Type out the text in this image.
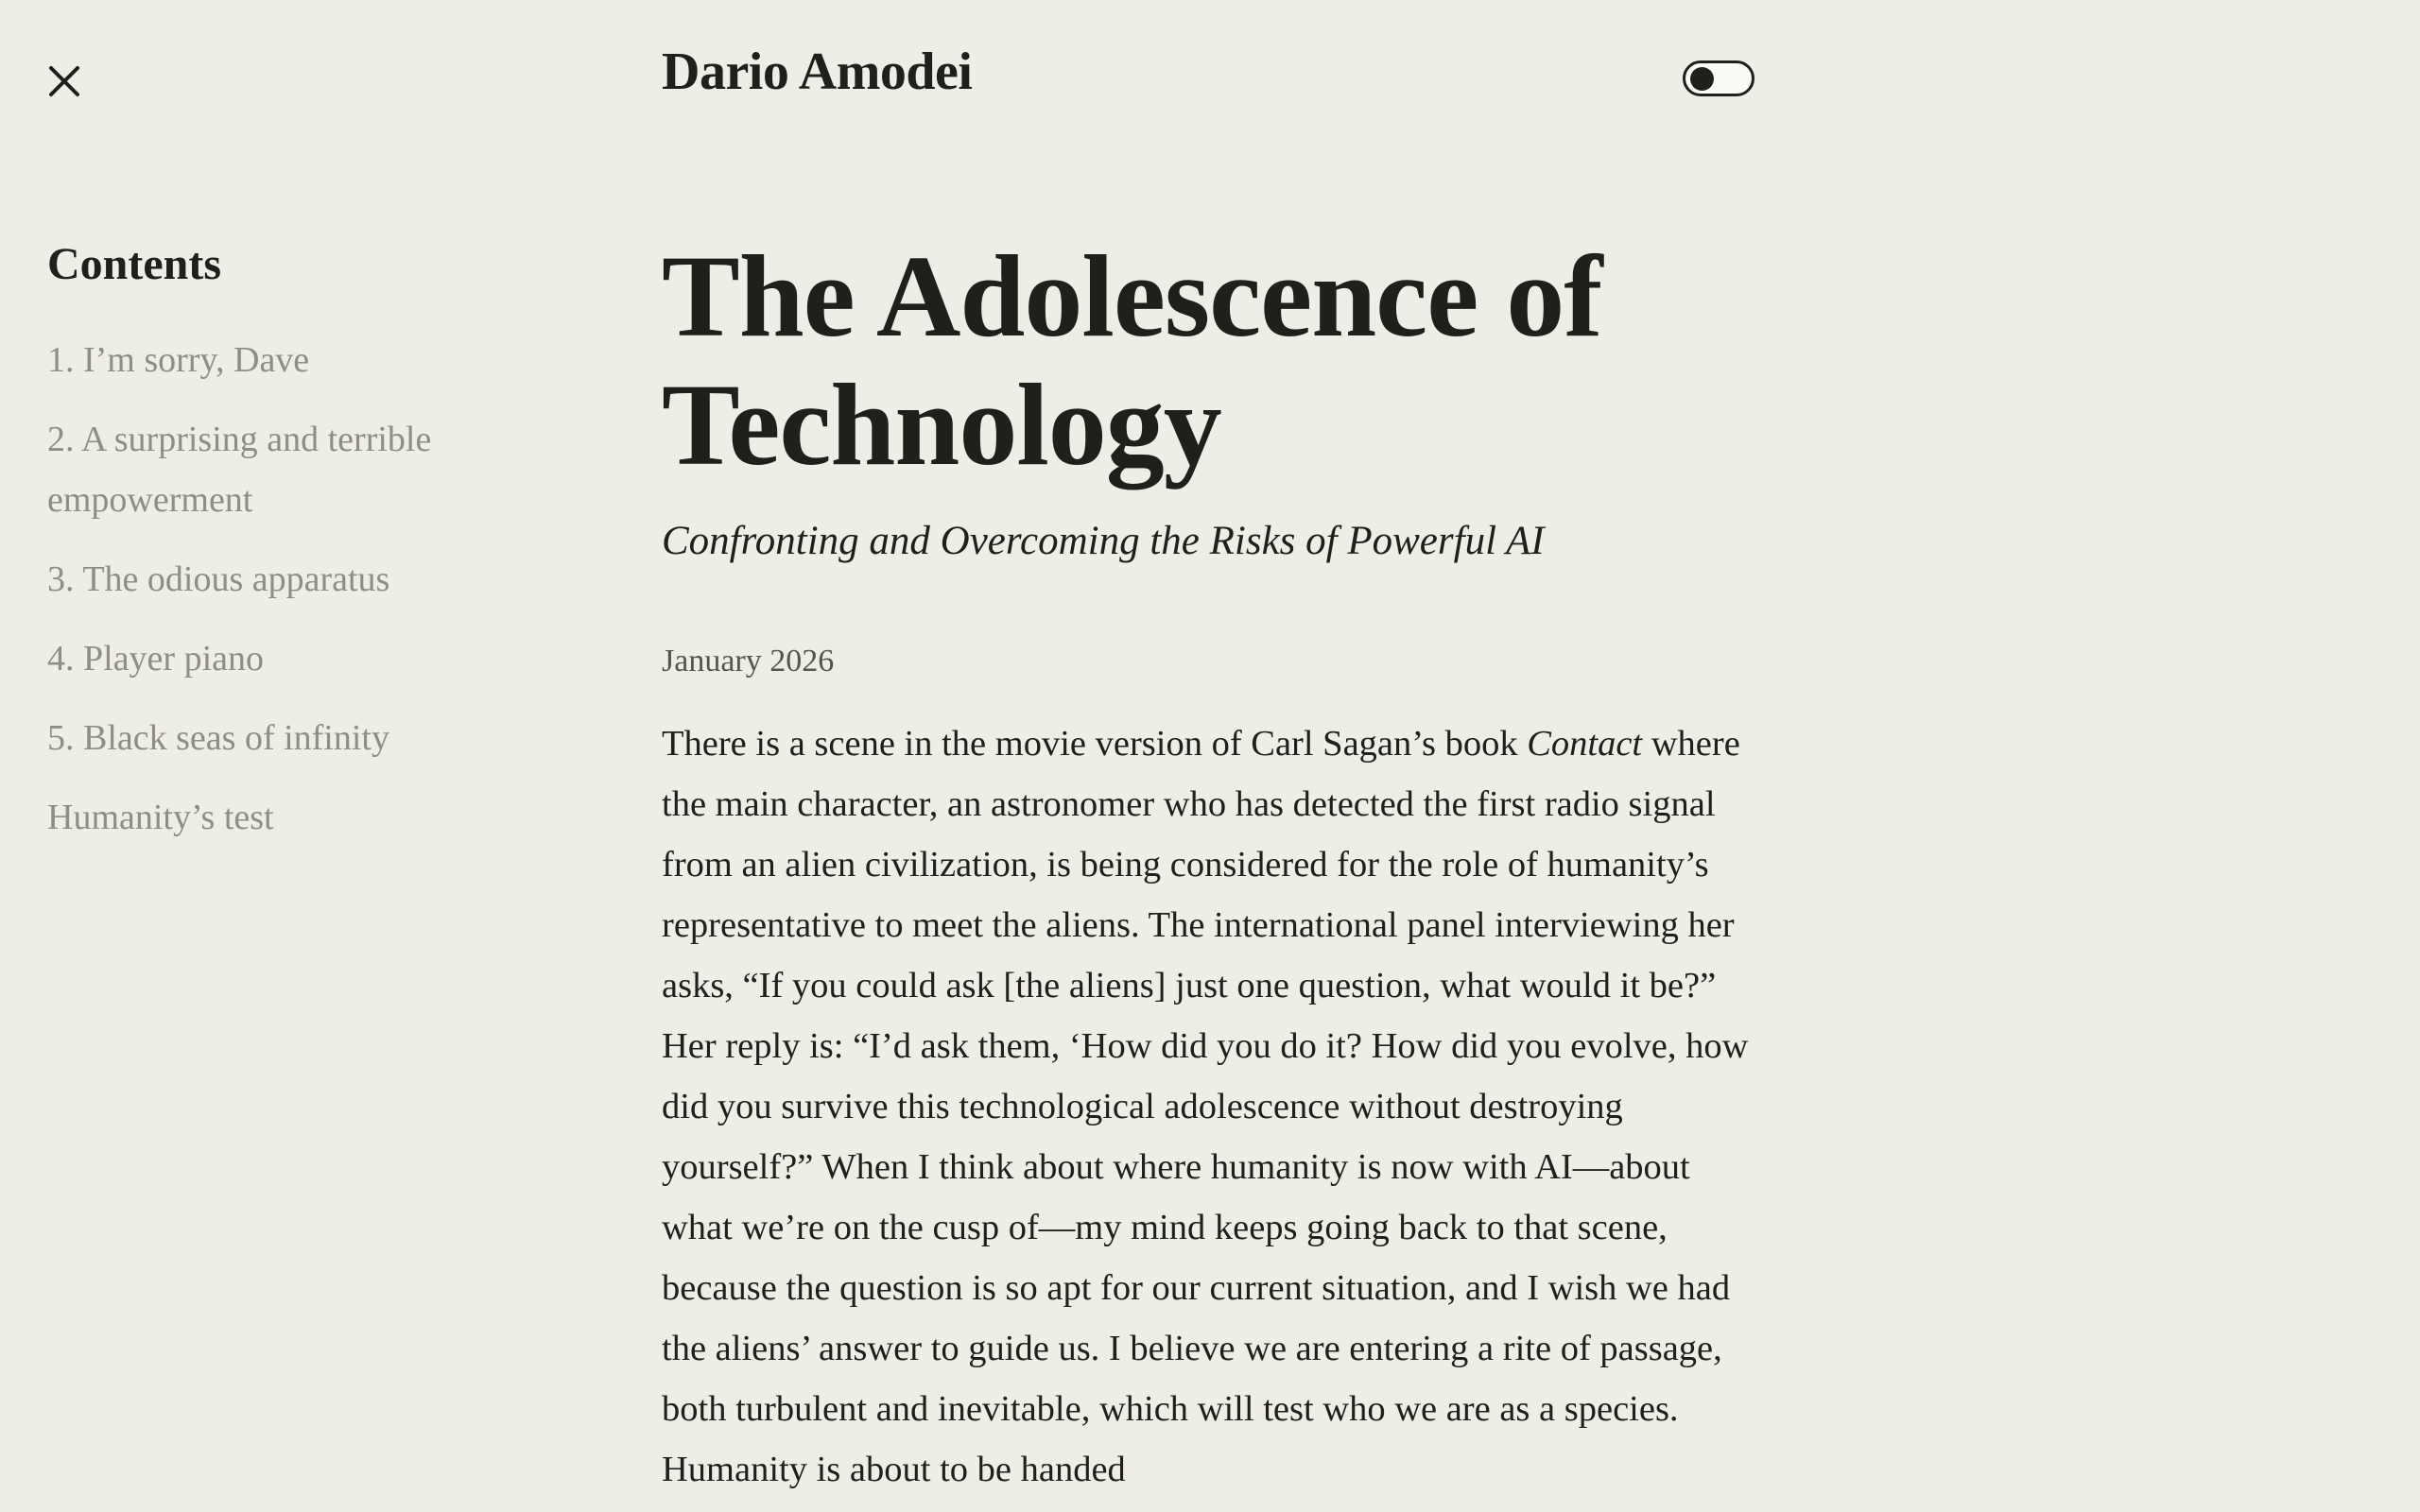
Dario Amodei
Contents
1. I’m sorry, Dave
2. A surprising and terrible empowerment
3. The odious apparatus
4. Player piano
5. Black seas of infinity
Humanity’s test
The Adolescence of Technology

Confronting and Overcoming the Risks of Powerful AI

January 2026

There is a scene in the movie version of Carl Sagan’s book Contact where the main character, an astronomer who has detected the first radio signal from an alien civilization, is being considered for the role of humanity’s representative to meet the aliens. The international panel interviewing her asks, “If you could ask [the aliens] just one question, what would it be?” Her reply is: “I’d ask them, ‘How did you do it? How did you evolve, how did you survive this technological adolescence without destroying yourself?” When I think about where humanity is now with AI—about what we’re on the cusp of—my mind keeps going back to that scene, because the question is so apt for our current situation, and I wish we had the aliens’ answer to guide us. I believe we are entering a rite of passage, both turbulent and inevitable, which will test who we are as a species. Humanity is about to be handed
